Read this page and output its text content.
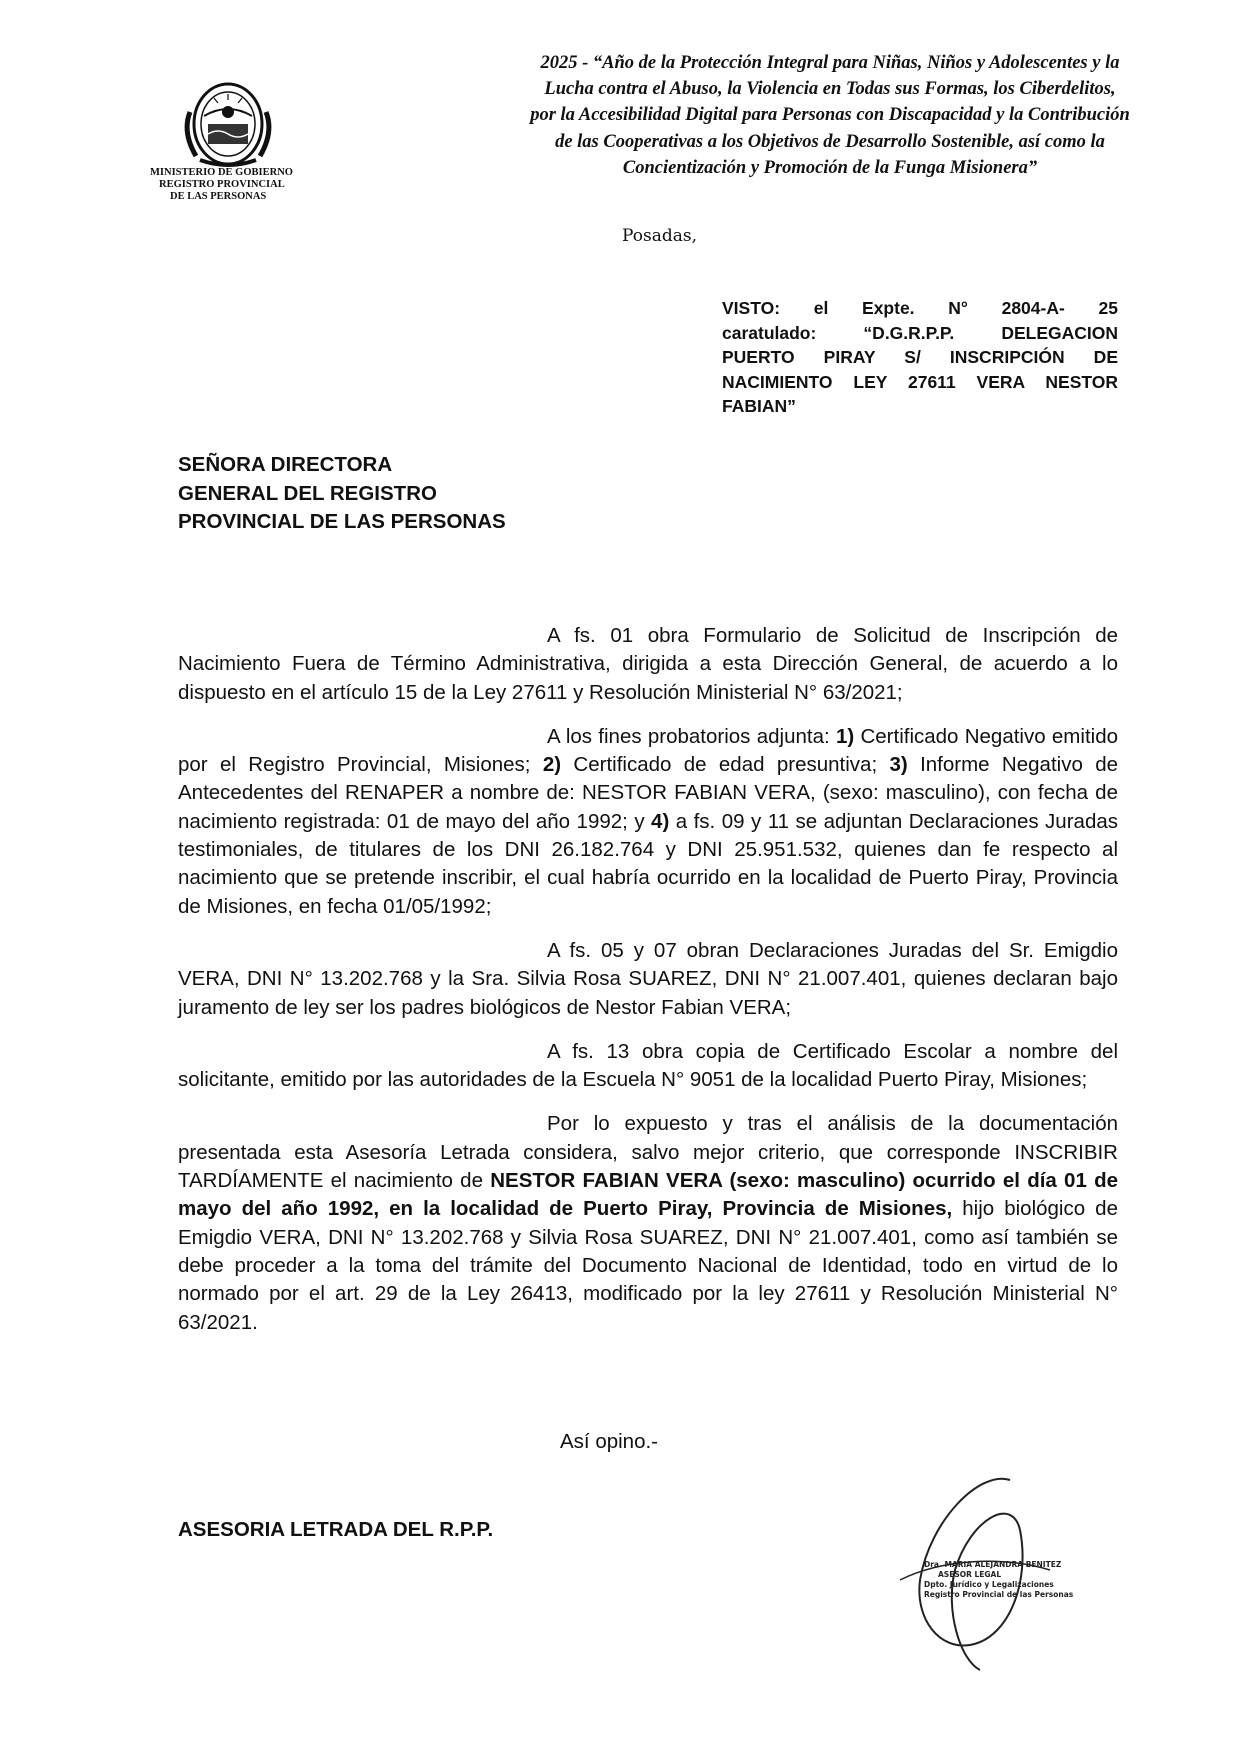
MINISTERIO DE GOBIERNO
REGISTRO PROVINCIAL
DE LAS PERSONAS
2025 - “Año de la Protección Integral para Niñas, Niños y Adolescentes y la
Lucha contra el Abuso, la Violencia en Todas sus Formas, los Ciberdelitos,
por la Accesibilidad Digital para Personas con Discapacidad y la Contribución
de las Cooperativas a los Objetivos de Desarrollo Sostenible, así como la
Concientización y Promoción de la Funga Misionera”
Posadas,
VISTO: el Expte. N° 2804-A- 25
caratulado: “D.G.R.P.P. DELEGACION
PUERTO PIRAY S/ INSCRIPCIÓN DE
NACIMIENTO LEY 27611 VERA NESTOR
FABIAN”
SEÑORA DIRECTORA
GENERAL DEL REGISTRO
PROVINCIAL DE LAS PERSONAS

A fs. 01 obra Formulario de Solicitud de Inscripción de Nacimiento Fuera de Término Administrativa, dirigida a esta Dirección General, de acuerdo a lo dispuesto en el artículo 15 de la Ley 27611 y Resolución Ministerial N° 63/2021;

A los fines probatorios adjunta: 1) Certificado Negativo emitido por el Registro Provincial, Misiones; 2) Certificado de edad presuntiva; 3) Informe Negativo de Antecedentes del RENAPER a nombre de: NESTOR FABIAN VERA, (sexo: masculino), con fecha de nacimiento registrada: 01 de mayo del año 1992; y 4) a fs. 09 y 11 se adjuntan Declaraciones Juradas testimoniales, de titulares de los DNI 26.182.764 y DNI 25.951.532, quienes dan fe respecto al nacimiento que se pretende inscribir, el cual habría ocurrido en la localidad de Puerto Piray, Provincia de Misiones, en fecha 01/05/1992;

A fs. 05 y 07 obran Declaraciones Juradas del Sr. Emigdio VERA, DNI N° 13.202.768 y la Sra. Silvia Rosa SUAREZ, DNI N° 21.007.401, quienes declaran bajo juramento de ley ser los padres biológicos de Nestor Fabian VERA;

A fs. 13 obra copia de Certificado Escolar a nombre del solicitante, emitido por las autoridades de la Escuela N° 9051 de la localidad Puerto Piray, Misiones;

Por lo expuesto y tras el análisis de la documentación presentada esta Asesoría Letrada considera, salvo mejor criterio, que corresponde INSCRIBIR TARDÍAMENTE el nacimiento de NESTOR FABIAN VERA (sexo: masculino) ocurrido el día 01 de mayo del año 1992, en la localidad de Puerto Piray, Provincia de Misiones, hijo biológico de Emigdio VERA, DNI N° 13.202.768 y Silvia Rosa SUAREZ, DNI N° 21.007.401, como así también se debe proceder a la toma del trámite del Documento Nacional de Identidad, todo en virtud de lo normado por el art. 29 de la Ley 26413, modificado por la ley 27611 y Resolución Ministerial N° 63/2021.

Así opino.-
ASESORIA LETRADA DEL R.P.P.
Dra. MARIA ALEJANDRA BENITEZ
ASESOR LEGAL
Dpto. Jurídico y Legalizaciones
Registro Provincial de las Personas
